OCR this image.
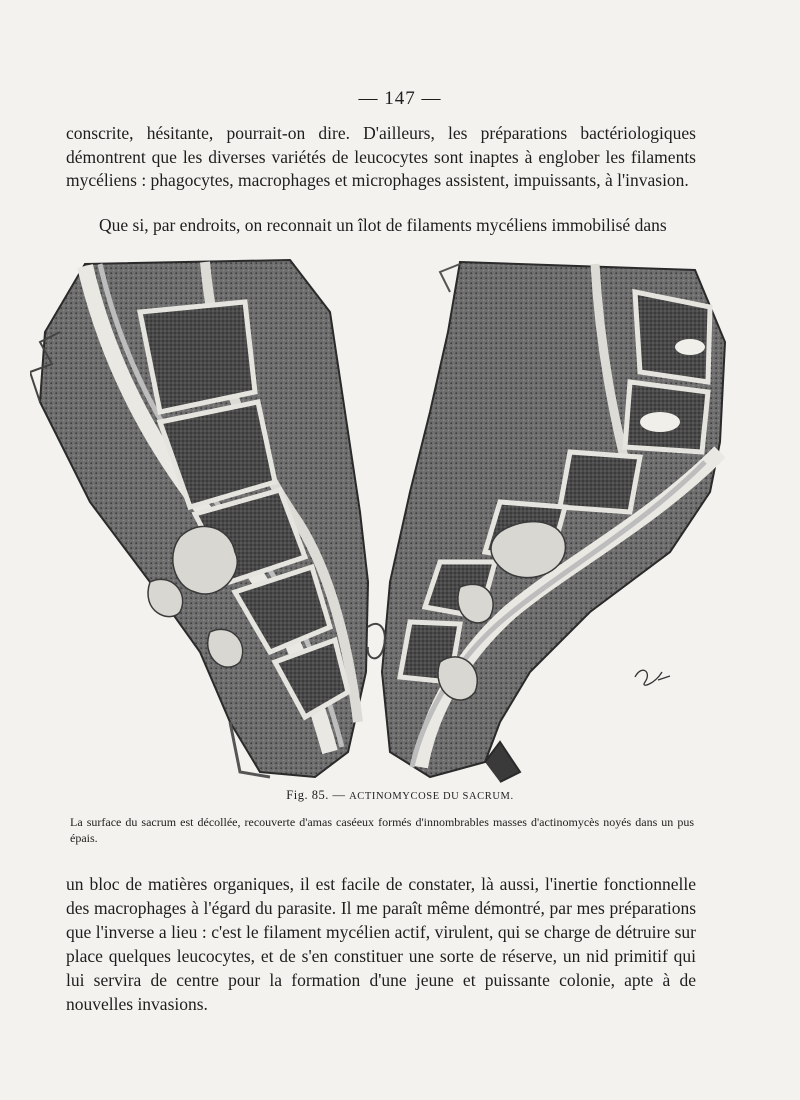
— 147 —

conscrite, hésitante, pourrait-on dire. D'ailleurs, les préparations bactériologiques démontrent que les diverses variétés de leucocytes sont inaptes à englober les filaments mycéliens : phagocytes, macrophages et microphages assistent, impuissants, à l'invasion.

Que si, par endroits, on reconnait un îlot de filaments mycéliens immobilisé dans

Fig. 85. — ACTINOMYCOSE DU SACRUM.

La surface du sacrum est décollée, recouverte d'amas caséeux formés d'innombrables masses d'actinomycès noyés dans un pus épais.

un bloc de matières organiques, il est facile de constater, là aussi, l'inertie fonctionnelle des macrophages à l'égard du parasite. Il me paraît même démontré, par mes préparations que l'inverse a lieu : c'est le filament mycélien actif, virulent, qui se charge de détruire sur place quelques leucocytes, et de s'en constituer une sorte de réserve, un nid primitif qui lui servira de centre pour la formation d'une jeune et puissante colonie, apte à de nouvelles invasions.
